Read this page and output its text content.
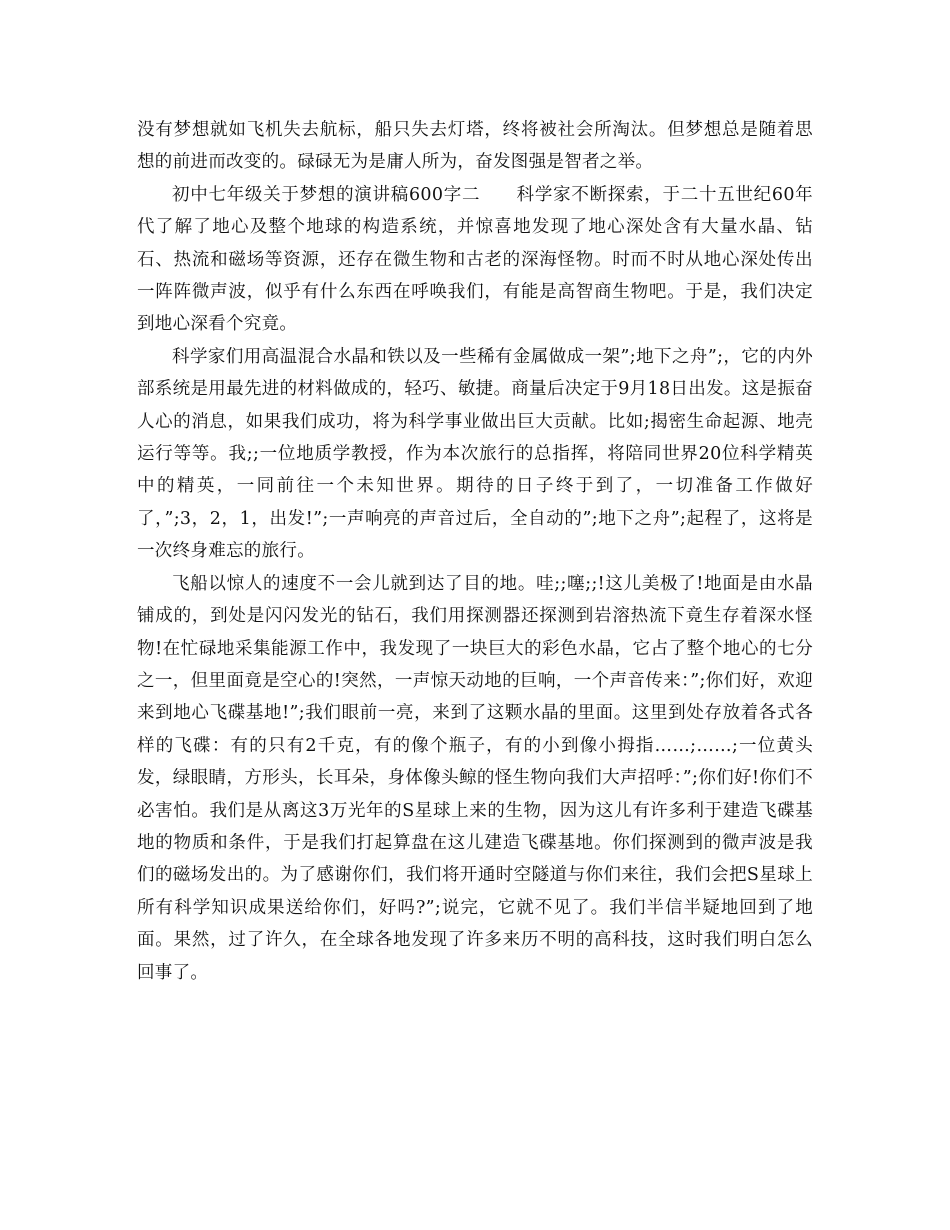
没有梦想就如飞机失去航标，船只失去灯塔，终将被社会所淘汰。但梦想总是随着思想的前进而改变的。碌碌无为是庸人所为，奋发图强是智者之举。

初中七年级关于梦想的演讲稿600字二　　科学家不断探索，于二十五世纪60年代了解了地心及整个地球的构造系统，并惊喜地发现了地心深处含有大量水晶、钻石、热流和磁场等资源，还存在微生物和古老的深海怪物。时而不时从地心深处传出一阵阵微声波，似乎有什么东西在呼唤我们，有能是高智商生物吧。于是，我们决定到地心深看个究竟。

科学家们用高温混合水晶和铁以及一些稀有金属做成一架”;地下之舟”;，它的内外部系统是用最先进的材料做成的，轻巧、敏捷。商量后决定于9月18日出发。这是振奋人心的消息，如果我们成功，将为科学事业做出巨大贡献。比如;揭密生命起源、地壳运行等等。我;;一位地质学教授，作为本次旅行的总指挥，将陪同世界20位科学精英中的精英，一同前往一个未知世界。期待的日子终于到了，一切准备工作做好了，”;3，2，1，出发!”;一声响亮的声音过后，全自动的”;地下之舟”;起程了，这将是一次终身难忘的旅行。

飞船以惊人的速度不一会儿就到达了目的地。哇;;噻;;!这儿美极了!地面是由水晶铺成的，到处是闪闪发光的钻石，我们用探测器还探测到岩溶热流下竟生存着深水怪物!在忙碌地采集能源工作中，我发现了一块巨大的彩色水晶，它占了整个地心的七分之一，但里面竟是空心的!突然，一声惊天动地的巨响，一个声音传来：”;你们好，欢迎来到地心飞碟基地!”;我们眼前一亮，来到了这颗水晶的里面。这里到处存放着各式各样的飞碟：有的只有2千克，有的像个瓶子，有的小到像小拇指……;……;一位黄头发，绿眼睛，方形头，长耳朵，身体像头鲸的怪生物向我们大声招呼：”;你们好!你们不必害怕。我们是从离这3万光年的S星球上来的生物，因为这儿有许多利于建造飞碟基地的物质和条件，于是我们打起算盘在这儿建造飞碟基地。你们探测到的微声波是我们的磁场发出的。为了感谢你们，我们将开通时空隧道与你们来往，我们会把S星球上所有科学知识成果送给你们，好吗?”;说完，它就不见了。我们半信半疑地回到了地面。果然，过了许久，在全球各地发现了许多来历不明的高科技，这时我们明白怎么回事了。
